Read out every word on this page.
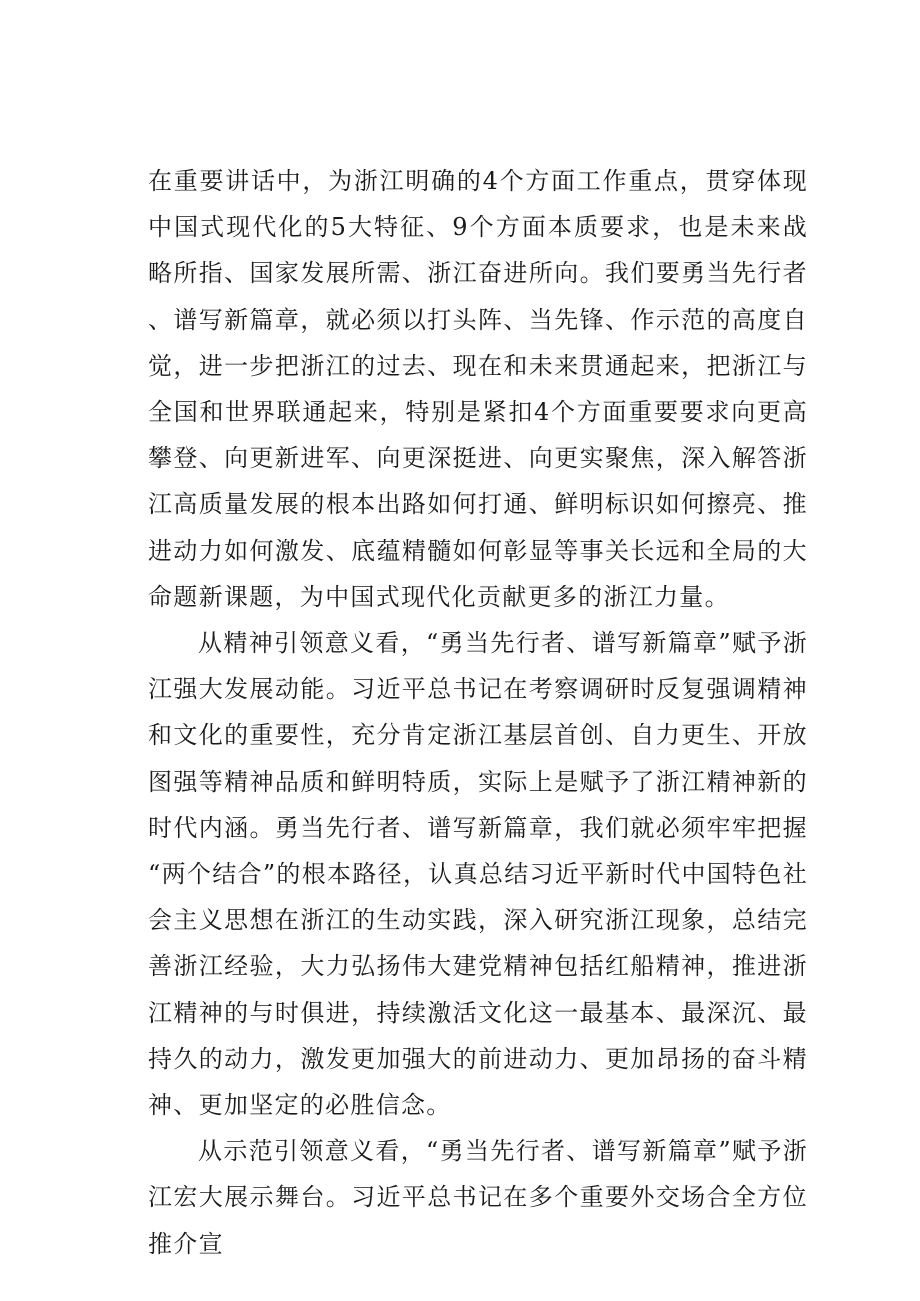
在重要讲话中，为浙江明确的4个方面工作重点，贯穿体现中国式现代化的5大特征、9个方面本质要求，也是未来战略所指、国家发展所需、浙江奋进所向。我们要勇当先行者、谱写新篇章，就必须以打头阵、当先锋、作示范的高度自觉，进一步把浙江的过去、现在和未来贯通起来，把浙江与全国和世界联通起来，特别是紧扣4个方面重要要求向更高攀登、向更新进军、向更深挺进、向更实聚焦，深入解答浙江高质量发展的根本出路如何打通、鲜明标识如何擦亮、推进动力如何激发、底蕴精髓如何彰显等事关长远和全局的大命题新课题，为中国式现代化贡献更多的浙江力量。

从精神引领意义看，“勇当先行者、谱写新篇章”赋予浙江强大发展动能。习近平总书记在考察调研时反复强调精神和文化的重要性，充分肯定浙江基层首创、自力更生、开放图强等精神品质和鲜明特质，实际上是赋予了浙江精神新的时代内涵。勇当先行者、谱写新篇章，我们就必须牢牢把握“两个结合”的根本路径，认真总结习近平新时代中国特色社会主义思想在浙江的生动实践，深入研究浙江现象，总结完善浙江经验，大力弘扬伟大建党精神包括红船精神，推进浙江精神的与时俱进，持续激活文化这一最基本、最深沉、最持久的动力，激发更加强大的前进动力、更加昂扬的奋斗精神、更加坚定的必胜信念。

从示范引领意义看，“勇当先行者、谱写新篇章”赋予浙江宏大展示舞台。习近平总书记在多个重要外交场合全方位推介宣
